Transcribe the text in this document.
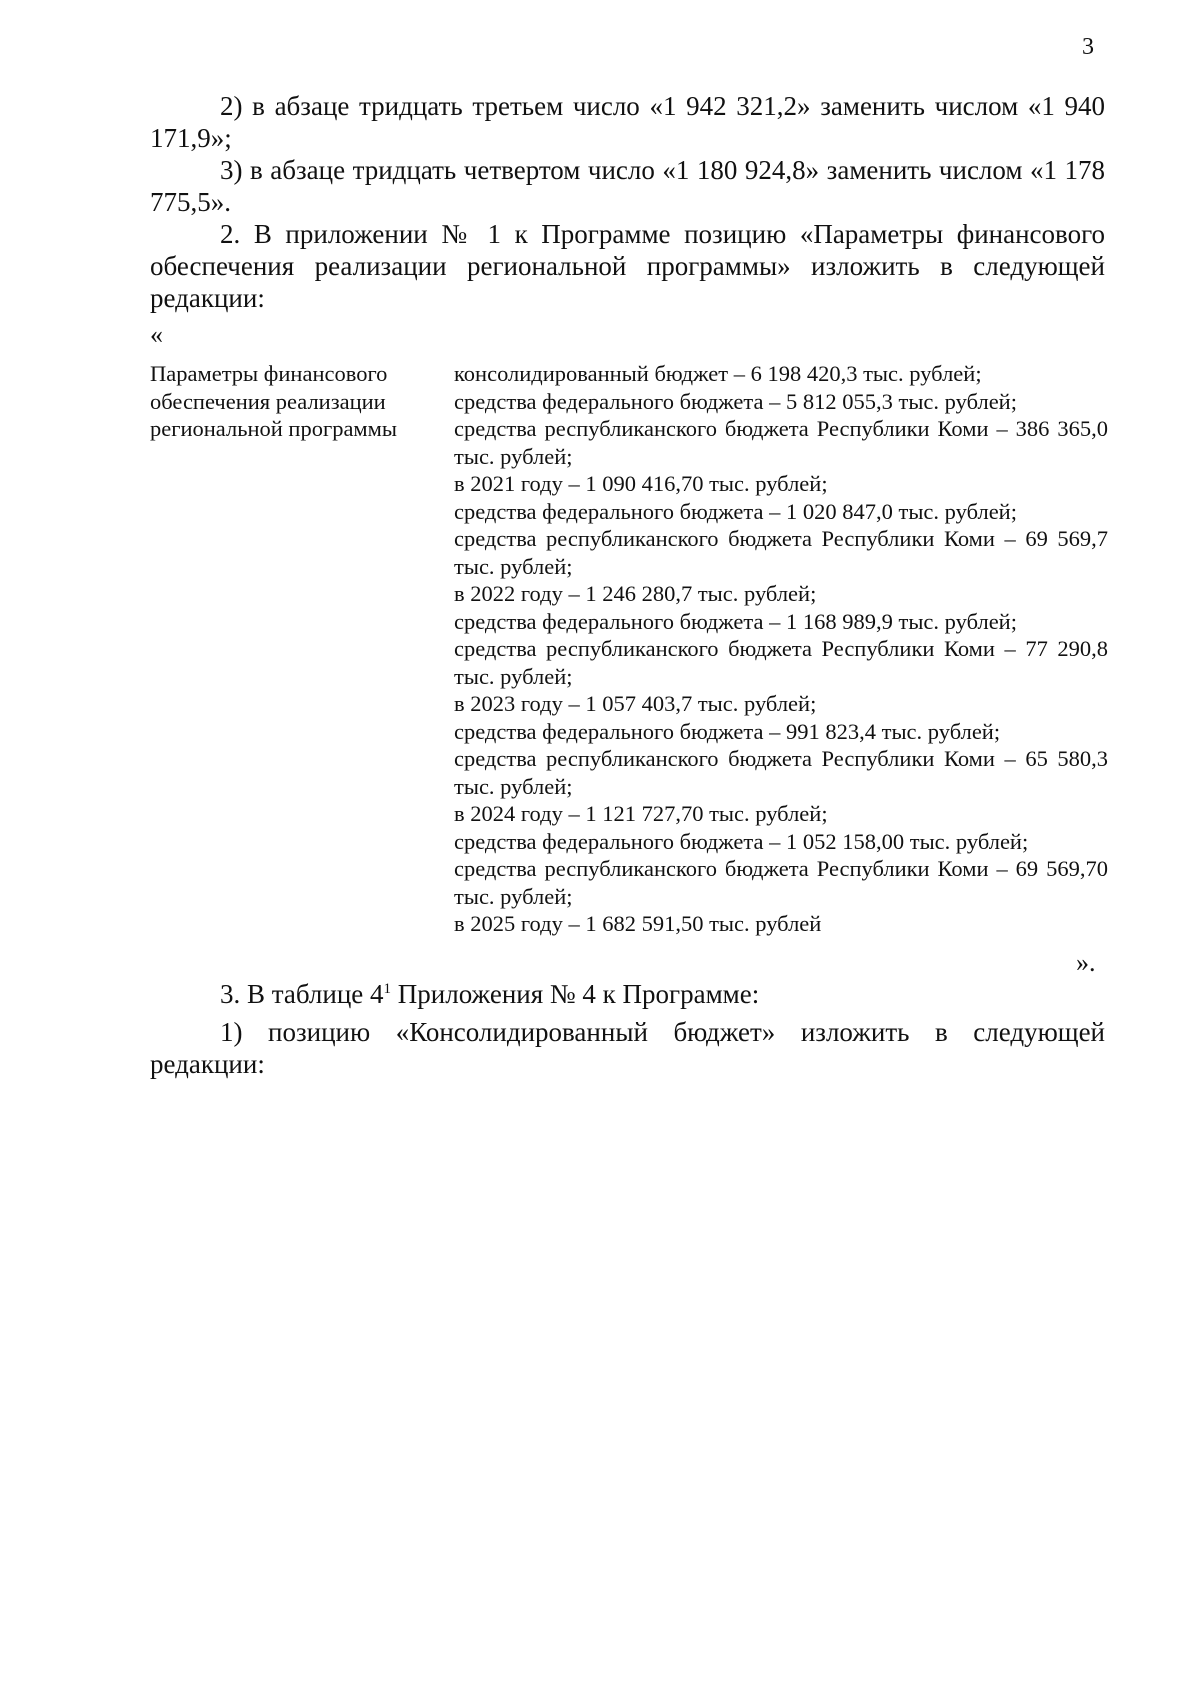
3

2) в абзаце тридцать третьем число «1 942 321,2» заменить числом «1 940 171,9»;

3) в абзаце тридцать четвертом число «1 180 924,8» заменить числом «1 178 775,5».

2. В приложении № 1 к Программе позицию «Параметры финансового обеспечения реализации региональной программы» изложить в следующей редакции:

«
Параметры финансового обеспечения реализации региональной программы
консолидированный бюджет – 6 198 420,3 тыс. рублей;
средства федерального бюджета – 5 812 055,3 тыс. рублей;
средства республиканского бюджета Республики Коми – 386 365,0 тыс. рублей;
в 2021 году – 1 090 416,70 тыс. рублей;
средства федерального бюджета – 1 020 847,0 тыс. рублей;
средства республиканского бюджета Республики Коми – 69 569,7 тыс. рублей;
в 2022 году – 1 246 280,7 тыс. рублей;
средства федерального бюджета – 1 168 989,9 тыс. рублей;
средства республиканского бюджета Республики Коми – 77 290,8 тыс. рублей;
в 2023 году – 1 057 403,7 тыс. рублей;
средства федерального бюджета – 991 823,4 тыс. рублей;
средства республиканского бюджета Республики Коми – 65 580,3 тыс. рублей;
в 2024 году – 1 121 727,70 тыс. рублей;
средства федерального бюджета – 1 052 158,00 тыс. рублей;
средства республиканского бюджета Республики Коми – 69 569,70 тыс. рублей;
в 2025 году – 1 682 591,50 тыс. рублей
».

3. В таблице $4^1$ Приложения № 4 к Программе:

1) позицию «Консолидированный бюджет» изложить в следующей редакции:
